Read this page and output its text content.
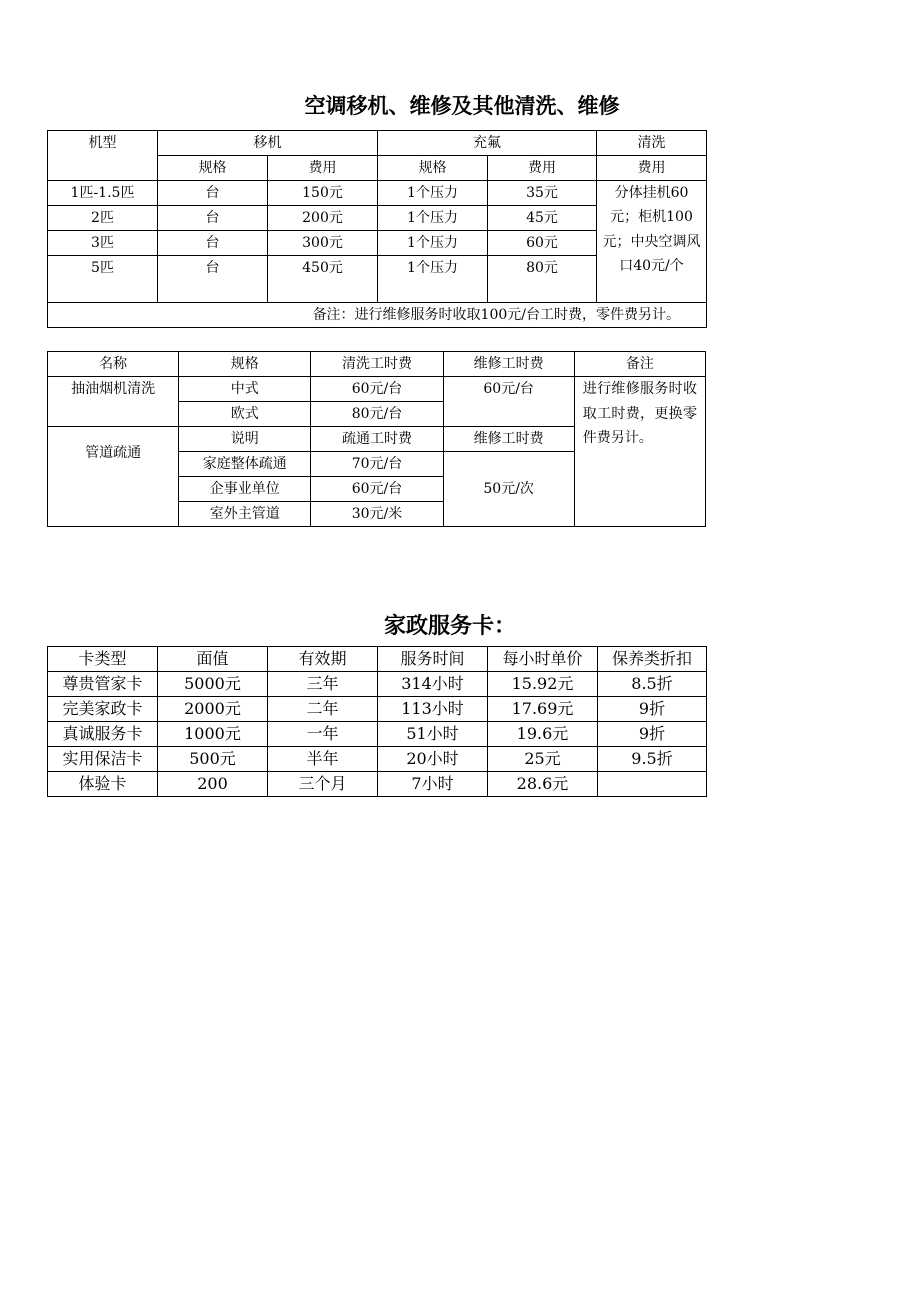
空调移机、维修及其他清洗、维修
机型	移机		充氟		清洗
	规格	费用	规格	费用	费用
1匹-1.5匹	台	150元	1个压力	35元	分体挂机60元；柜机100元；中央空调风口40元/个
2匹	台	200元	1个压力	45元	
3匹	台	300元	1个压力	60元	
5匹	台	450元	1个压力	80元	
备注：进行维修服务时收取100元/台工时费，零件费另计。					
名称	规格	清洗工时费	维修工时费	备注
抽油烟机清洗	中式	60元/台	60元/台	进行维修服务时收取工时费，更换零件费另计。
	欧式	80元/台		
管道疏通	说明	疏通工时费	维修工时费	
	家庭整体疏通	70元/台	50元/次	
	企事业单位	60元/台		
	室外主管道	30元/米		
家政服务卡：
卡类型	面值	有效期	服务时间	每小时单价	保养类折扣
尊贵管家卡	5000元	三年	314小时	15.92元	8.5折
完美家政卡	2000元	二年	113小时	17.69元	9折
真诚服务卡	1000元	一年	51小时	19.6元	9折
实用保洁卡	500元	半年	20小时	25元	9.5折
体验卡	200	三个月	7小时	28.6元	
